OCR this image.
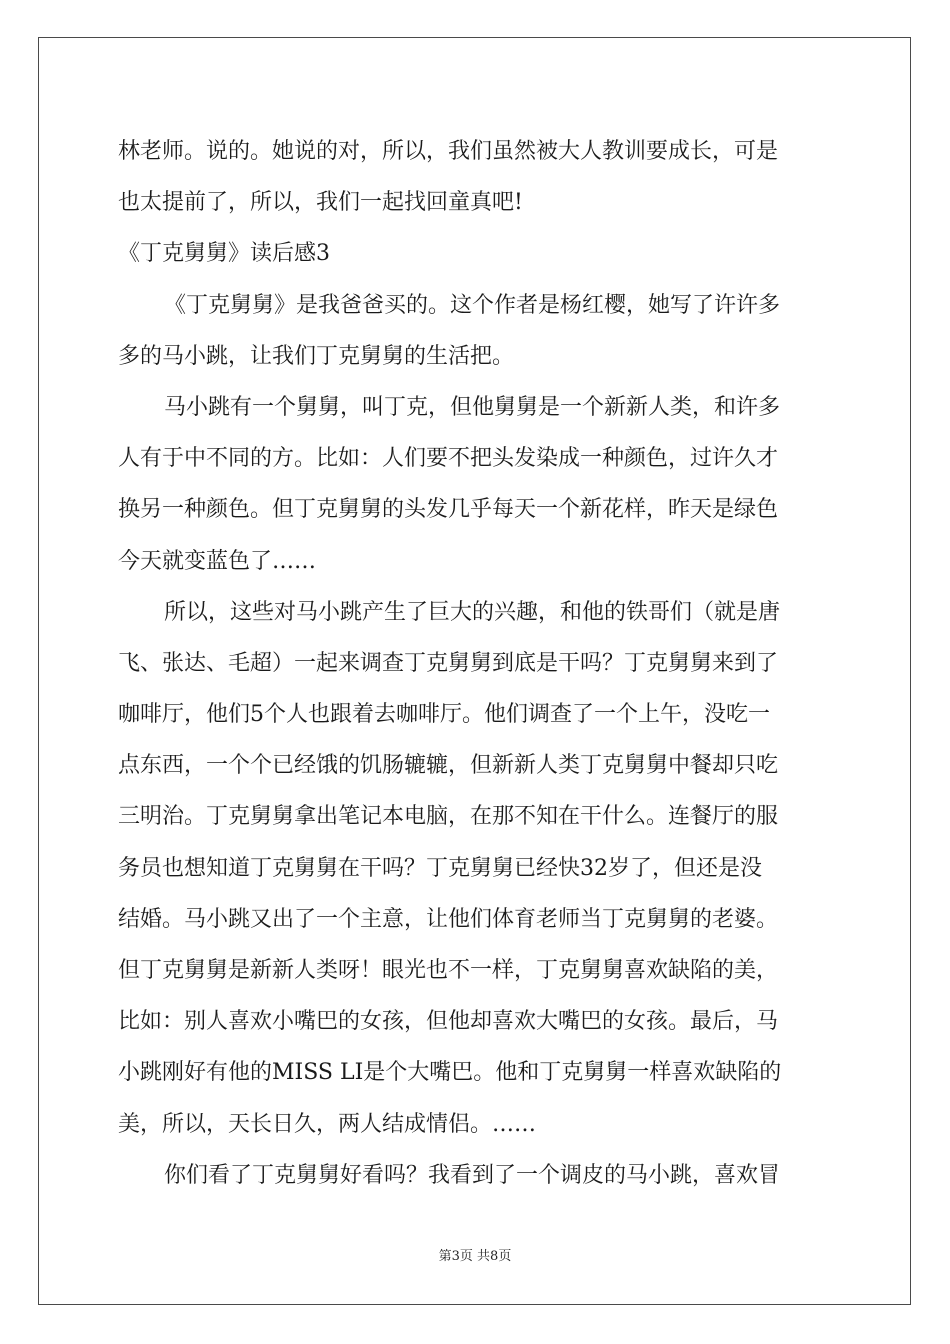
林老师。说的。她说的对，所以，我们虽然被大人教训要成长，可是
也太提前了，所以，我们一起找回童真吧!
《丁克舅舅》读后感3
《丁克舅舅》是我爸爸买的。这个作者是杨红樱，她写了许许多
多的马小跳，让我们丁克舅舅的生活把。
马小跳有一个舅舅，叫丁克，但他舅舅是一个新新人类，和许多
人有于中不同的方。比如：人们要不把头发染成一种颜色，过许久才
换另一种颜色。但丁克舅舅的头发几乎每天一个新花样，昨天是绿色
今天就变蓝色了……
所以，这些对马小跳产生了巨大的兴趣，和他的铁哥们（就是唐
飞、张达、毛超）一起来调查丁克舅舅到底是干吗？丁克舅舅来到了
咖啡厅，他们5个人也跟着去咖啡厅。他们调查了一个上午，没吃一
点东西，一个个已经饿的饥肠辘辘，但新新人类丁克舅舅中餐却只吃
三明治。丁克舅舅拿出笔记本电脑，在那不知在干什么。连餐厅的服
务员也想知道丁克舅舅在干吗？丁克舅舅已经快32岁了，但还是没
结婚。马小跳又出了一个主意，让他们体育老师当丁克舅舅的老婆。
但丁克舅舅是新新人类呀！眼光也不一样，丁克舅舅喜欢缺陷的美，
比如：别人喜欢小嘴巴的女孩，但他却喜欢大嘴巴的女孩。最后，马
小跳刚好有他的MISS LI是个大嘴巴。他和丁克舅舅一样喜欢缺陷的
美，所以，天长日久，两人结成情侣。……
你们看了丁克舅舅好看吗？我看到了一个调皮的马小跳，喜欢冒
第3页 共8页
